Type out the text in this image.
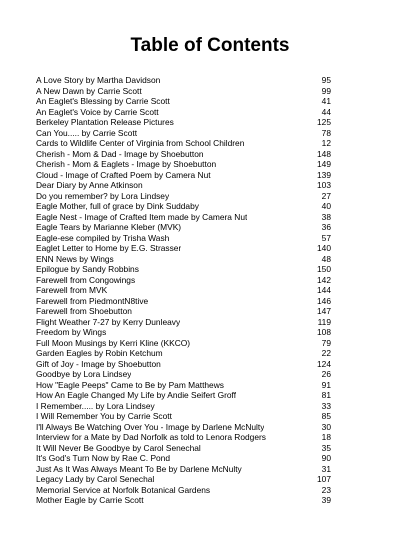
Table of Contents
A Love Story by Martha Davidson	95
A New Dawn by Carrie Scott	99
An Eaglet's Blessing by Carrie Scott	41
An Eaglet's Voice by Carrie Scott	44
Berkeley Plantation Release Pictures	125
Can You..... by Carrie Scott	78
Cards to Wildlife Center of Virginia from School Children	12
Cherish - Mom & Dad - Image by Shoebutton	148
Cherish - Mom & Eaglets - Image by Shoebutton	149
Cloud - Image of Crafted Poem by Camera Nut	139
Dear Diary by Anne Atkinson	103
Do you remember? by Lora Lindsey	27
Eagle Mother, full of grace by Dink Suddaby	40
Eagle Nest - Image of Crafted Item made by Camera Nut	38
Eagle Tears by Marianne Kleber (MVK)	36
Eagle-ese compiled by Trisha Wash	57
Eaglet Letter to Home by E.G. Strasser	140
ENN News by Wings	48
Epilogue by Sandy Robbins	150
Farewell from Congowings	142
Farewell from MVK	144
Farewell from PiedmontN8tive	146
Farewell from Shoebutton	147
Flight Weather 7-27 by Kerry Dunleavy	119
Freedom by Wings	108
Full Moon Musings by Kerri Kline (KKCO)	79
Garden Eagles by Robin Ketchum	22
Gift of Joy - Image by Shoebutton	124
Goodbye by Lora Lindsey	26
How "Eagle Peeps" Came to Be by Pam Matthews	91
How An Eagle Changed My Life by Andie Seifert Groff	81
I Remember..... by Lora Lindsey	33
I Will Remember You by Carrie Scott	85
I'll Always Be Watching Over You - Image by Darlene McNulty	30
Interview for a Mate by Dad Norfolk as told to Lenora Rodgers	18
It Will Never Be Goodbye by Carol Senechal	35
It's God's Turn Now by Rae C. Pond	90
Just As It Was Always Meant To Be by Darlene McNulty	31
Legacy Lady by Carol Senechal	107
Memorial Service at Norfolk Botanical Gardens	23
Mother Eagle by Carrie Scott	39
